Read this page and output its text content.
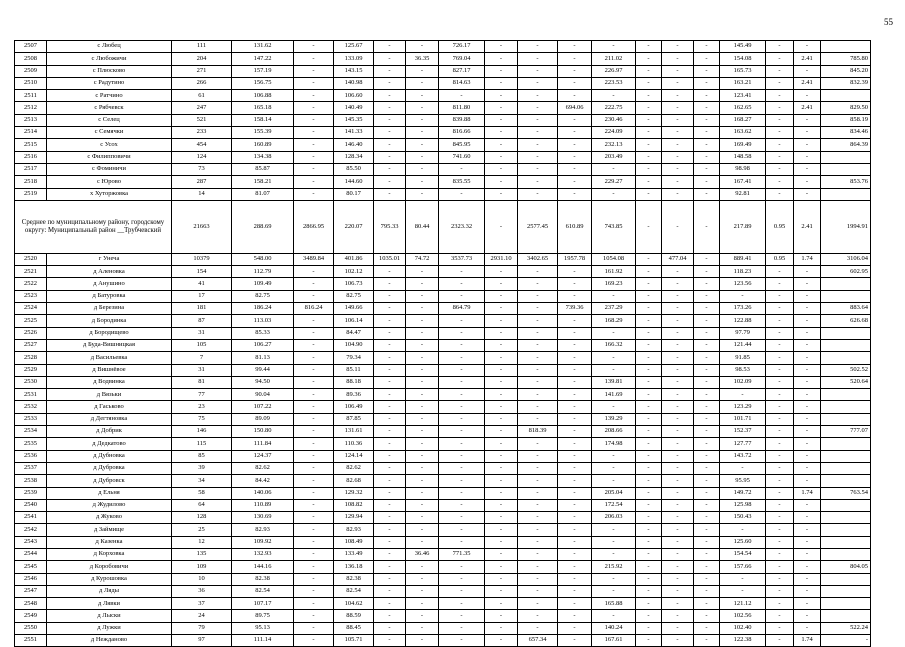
55
2507	с Любец	111	131.62	-	125.67	-	-	726.17	-	-	-	-	-	-	-	145.49	-	-	
2508	с Любожичи	204	147.22	-	133.09	-	36.35	769.04	-	-	-	211.02	-	-	-	154.08	-	2.41	785.80
2509	с Плюсково	271	157.19	-	143.15	-	-	827.17	-	-	-	226.97	-	-	-	165.73	-	-	845.20
2510	с Радутино	266	156.75	-	140.98	-	-	814.63	-	-	-	223.53	-	-	-	163.21	-	2.41	832.39
2511	с Ратчино	61	106.88	-	106.60	-	-	-	-	-	-	-	-	-	-	123.41	-	-	
2512	с Рябчевск	247	165.18	-	140.49	-	-	811.80	-	-	694.06	222.75	-	-	-	162.65	-	2.41	829.50
2513	с Селец	521	158.14	-	145.35	-	-	839.88	-	-	-	230.46	-	-	-	168.27	-	-	858.19
2514	с Семячки	233	155.39	-	141.33	-	-	816.66	-	-	-	224.09	-	-	-	163.62	-	-	834.46
2515	с Усох	454	160.89	-	146.40	-	-	845.95	-	-	-	232.13	-	-	-	169.49	-	-	864.39
2516	с Филипповичи	124	134.38	-	128.34	-	-	741.60	-	-	-	203.49	-	-	-	148.58	-	-	
2517	с Фоминичи	73	85.87	-	85.50	-	-	-	-	-	-	-	-	-	-	98.98	-	-	
2518	с Юрово	287	158.21	-	144.60	-	-	835.55	-	-	-	229.27	-	-	-	167.41	-	-	853.76
2519	х Хуторжовка	14	81.07	-	80.17	-	-	-	-	-	-	-	-	-	-	92.81	-	-	
Среднее по муниципальному району, городскому округу: Муниципальный район __Трубчевский		21663	288.69	2866.95	220.07	795.33	80.44	2323.32	-	2577.45	610.89	743.85	-	-	-	217.89	0.95	2.41	1994.91
2520	г Унеча	10379	548.00	3489.84	401.86	1035.01	74.72	3537.73	2931.10	3402.65	1957.78	1054.08	-	477.04	-	889.41	0.95	1.74	3106.04
2521	д Аленовка	154	112.79	-	102.12	-	-	-	-	-	-	161.92	-	-	-	118.23	-	-	602.95
2522	д Анушино	41	109.49	-	106.73	-	-	-	-	-	-	169.23	-	-	-	123.56	-	-	
2523	д Батуровка	17	82.75	-	82.75	-	-	-	-	-	-	-	-	-	-	-	-	-	
2524	д Березина	181	186.24	816.24	149.66	-	-	864.79	-	-	739.36	237.29	-	-	-	173.26	-	-	883.64
2525	д Бородинка	87	113.03	-	106.14	-	-	-	-	-	-	168.29	-	-	-	122.88	-	-	626.68
2526	д Бородищево	31	85.33	-	84.47	-	-	-	-	-	-	-	-	-	-	97.79	-	-	
2527	д Буда-Вишницкая	105	106.27	-	104.90	-	-	-	-	-	-	166.32	-	-	-	121.44	-	-	
2528	д Васильевка	7	81.13	-	79.34	-	-	-	-	-	-	-	-	-	-	91.85	-	-	
2529	д Вишнёвое	31	99.44	-	85.11	-	-	-	-	-	-	-	-	-	-	98.53	-	-	502.52
2530	д Водвинка	81	94.50	-	88.18	-	-	-	-	-	-	139.81	-	-	-	102.09	-	-	520.64
2531	д Вязьки	77	90.04	-	89.36	-	-	-	-	-	-	141.69	-	-	-	-	-	-	
2532	д Гаськово	23	107.22	-	106.49	-	-	-	-	-	-	-	-	-	-	123.29	-	-	
2533	д Дегтяновка	75	89.09	-	87.85	-	-	-	-	-	-	139.29	-	-	-	101.71	-	-	
2534	д Добрик	146	150.80	-	131.61	-	-	-	-	818.39	-	208.66	-	-	-	152.37	-	-	777.07
2535	д Дедкатово	115	111.84	-	110.36	-	-	-	-	-	-	174.98	-	-	-	127.77	-	-	
2536	д Дубновка	85	124.37	-	124.14	-	-	-	-	-	-	-	-	-	-	143.72	-	-	
2537	д Дубровка	39	82.62	-	82.62	-	-	-	-	-	-	-	-	-	-	-	-	-	
2538	д Дубровск	34	84.42	-	82.68	-	-	-	-	-	-	-	-	-	-	95.95	-	-	
2539	д Ельня	58	140.06	-	129.32	-	-	-	-	-	-	205.04	-	-	-	149.72	-	1.74	763.54
2540	д Жудилово	64	110.89	-	108.82	-	-	-	-	-	-	172.54	-	-	-	125.98	-	-	
2541	д Жуково	128	130.69	-	129.94	-	-	-	-	-	-	206.03	-	-	-	150.43	-	-	
2542	д Займище	25	82.93	-	82.93	-	-	-	-	-	-	-	-	-	-	-	-	-	
2543	д Казенка	12	109.92	-	108.49	-	-	-	-	-	-	-	-	-	-	125.60	-	-	
2544	д Корховка	135	132.93	-	133.49	-	36.46	771.35	-	-	-	-	-	-	-	154.54	-	-	
2545	д Коробовичи	109	144.16	-	136.18	-	-	-	-	-	-	215.92	-	-	-	157.66	-	-	804.05
2546	д Курошовка	10	82.38	-	82.38	-	-	-	-	-	-	-	-	-	-	-	-	-	
2547	д Ляды	36	82.54	-	82.54	-	-	-	-	-	-	-	-	-	-	-	-	-	
2548	д Лявки	37	107.17	-	104.62	-	-	-	-	-	-	165.88	-	-	-	121.12	-	-	
2549	д Лыски	24	89.75	-	88.59	-	-	-	-	-	-	-	-	-	-	102.56	-	-	
2550	д Лужки	79	95.13	-	88.45	-	-	-	-	-	-	140.24	-	-	-	102.40	-	-	522.24
2551	д Нежданово	97	111.14	-	105.71	-	-	-	-	657.34	-	167.61	-	-	-	122.38	-	1.74	-
